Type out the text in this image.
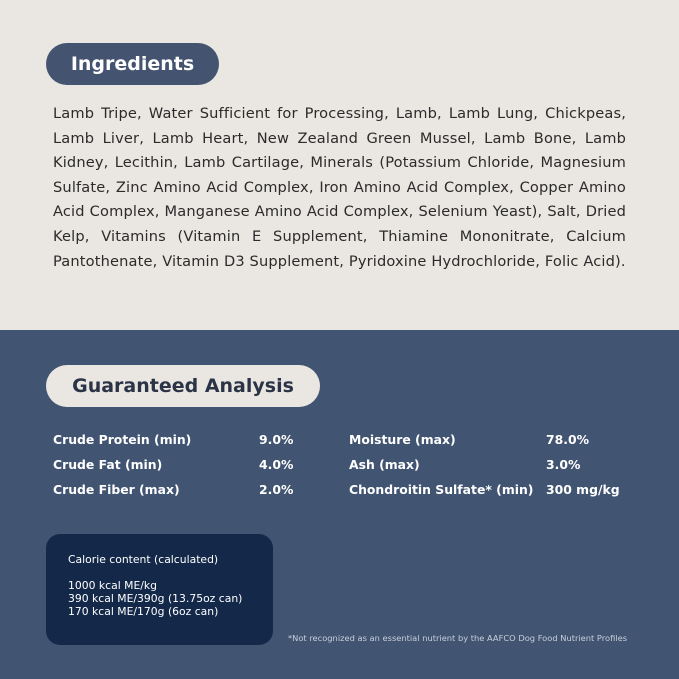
Ingredients

Lamb Tripe, Water Sufficient for Processing, Lamb, Lamb Lung, Chickpeas, Lamb Liver, Lamb Heart, New Zealand Green Mussel, Lamb Bone, Lamb Kidney, Lecithin, Lamb Cartilage, Minerals (Potassium Chloride, Magnesium Sulfate, Zinc Amino Acid Complex, Iron Amino Acid Complex, Copper Amino Acid Complex, Manganese Amino Acid Complex, Selenium Yeast), Salt, Dried Kelp, Vitamins (Vitamin E Supplement, Thiamine Mononitrate, Calcium Pantothenate, Vitamin D3 Supplement, Pyridoxine Hydrochloride, Folic Acid).

Guaranteed Analysis
Crude Protein (min)	9.0%	Moisture (max)	78.0%
Crude Fat (min)	4.0%	Ash (max)	3.0%
Crude Fiber (max)	2.0%	Chondroitin Sulfate* (min) 300 mg/kg
Calorie content (calculated)
1000 kcal ME/kg
390 kcal ME/390g (13.75oz can)
170 kcal ME/170g (6oz can)
*Not recognized as an essential nutrient by the AAFCO Dog Food Nutrient Profiles
